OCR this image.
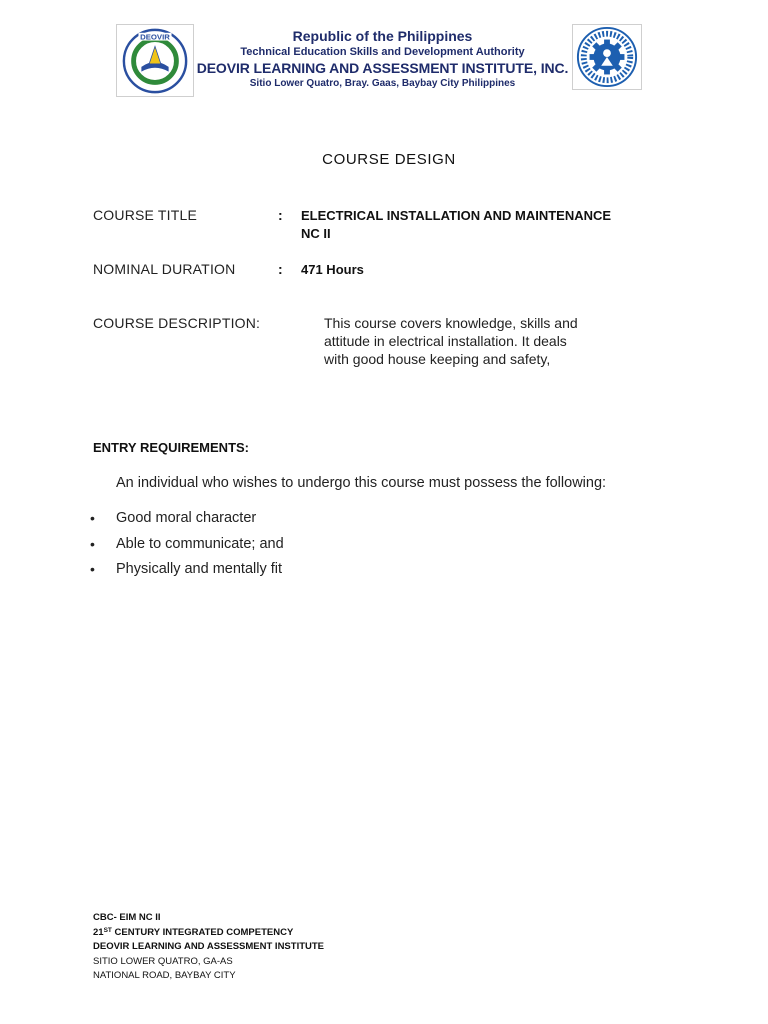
DEOVIR	Republic of the Philippines
Technical Education Skills and Development Authority
DEOVIR LEARNING AND ASSESSMENT INSTITUTE, INC.
Sitio Lower Quatro, Bray. Gaas, Baybay City Philippines
COURSE DESIGN
COURSE TITLE	: ELECTRICAL INSTALLATION AND MAINTENANCE
NC II
NOMINAL DURATION	: 471 Hours
COURSE DESCRIPTION:	This course covers knowledge, skills and
attitude in electrical installation. It deals
with good house keeping and safety,
ENTRY REQUIREMENTS:
An individual who wishes to undergo this course must possess the following:
• Good moral character
• Able to communicate; and
• Physically and mentally fit
CBC- EIM NC II
21ST CENTURY INTEGRATED COMPETENCY
DEOVIR LEARNING AND ASSESSMENT INSTITUTE
SITIO LOWER QUATRO, GA-AS
NATIONAL ROAD, BAYBAY CITY
